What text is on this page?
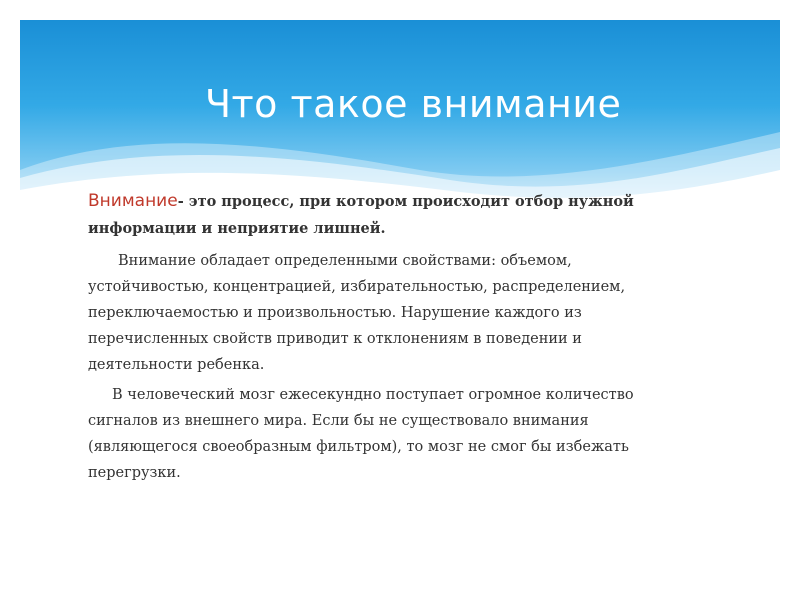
Что такое внимание

Внимание- это процесс, при котором происходит отбор нужной информации и неприятие лишней.

Внимание обладает определенными свойствами: объемом, устойчивостью, концентрацией, избирательностью, распределением, переключаемостью и произвольностью. Нарушение каждого из перечисленных свойств приводит к отклонениям в поведении и деятельности ребенка.

В человеческий мозг ежесекундно поступает огромное количество сигналов из внешнего мира. Если бы не существовало внимания (являющегося своеобразным фильтром), то мозг не смог бы избежать перегрузки.
